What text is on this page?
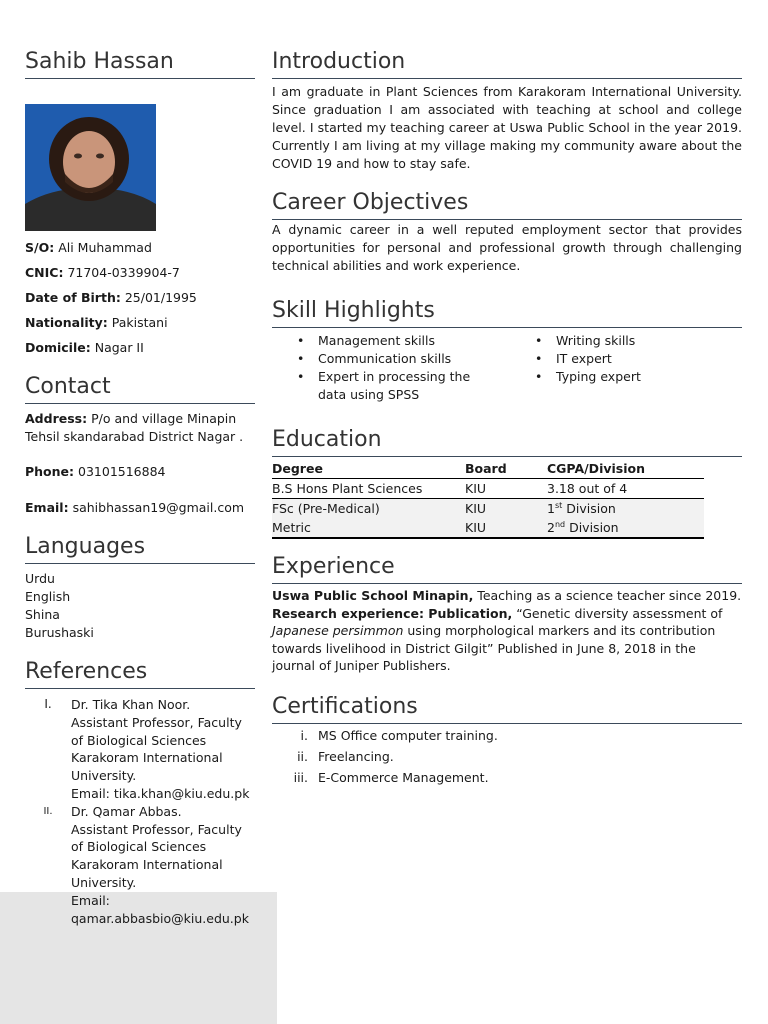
Sahib Hassan
S/O: Ali Muhammad
CNIC: 71704-0339904-7
Date of Birth: 25/01/1995
Nationality: Pakistani
Domicile: Nagar II
Contact
Address: P/o and village Minapin
Tehsil skandarabad District Nagar .
Phone: 03101516884
Email: sahibhassan19@gmail.com
Languages
Urdu
English
Shina
Burushaski
References
I.	Dr. Tika Khan Noor.
Assistant Professor, Faculty
of Biological Sciences
Karakoram International
University.
Email: tika.khan@kiu.edu.pk
II.	Dr. Qamar Abbas.
Assistant Professor, Faculty
of Biological Sciences
Karakoram International
University.
Email:
qamar.abbasbio@kiu.edu.pk
Introduction

I am graduate in Plant Sciences from Karakoram International University. Since graduation I am associated with teaching at school and college level. I started my teaching career at Uswa Public School in the year 2019. Currently I am living at my village making my community aware about the COVID 19 and how to stay safe.

Career Objectives

A dynamic career in a well reputed employment sector that provides opportunities for personal and professional growth through challenging technical abilities and work experience.

Skill Highlights
• Management skills
• Communication skills
• Expert in processing the data using SPSS
• Writing skills
• IT expert
• Typing expert
Education
Degree	Board	CGPA/Division
B.S Hons Plant Sciences	KIU	3.18 out of 4
FSc (Pre-Medical)	KIU	1st Division
Metric	KIU	2nd Division
Experience
Uswa Public School Minapin, Teaching as a science teacher since 2019.
Research experience: Publication, “Genetic diversity assessment of Japanese persimmon using morphological markers and its contribution towards livelihood in District Gilgit” Published in June 8, 2018 in the journal of Juniper Publishers.
Certifications
i. MS Office computer training.
ii. Freelancing.
iii. E-Commerce Management.
